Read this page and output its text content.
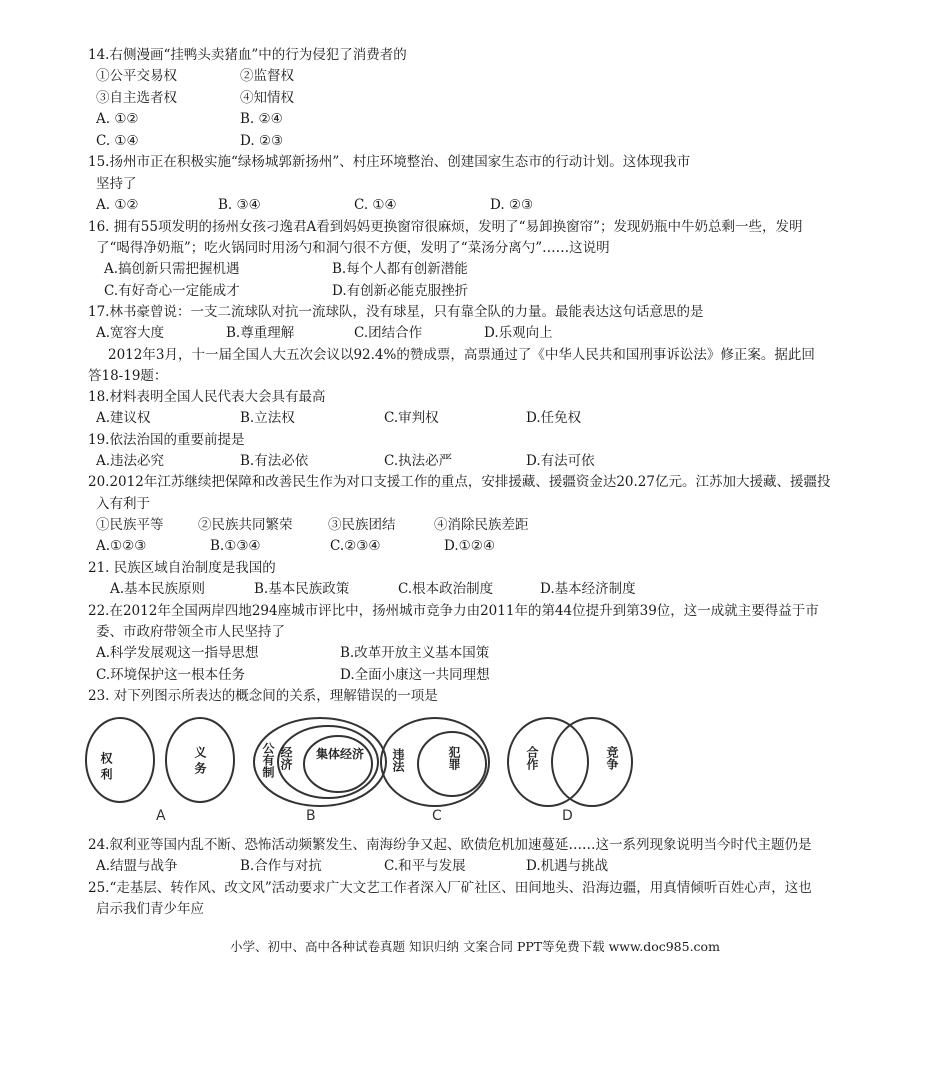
14.右侧漫画“挂鸭头卖猪血”中的行为侵犯了消费者的
①公平交易权	②监督权
③自主选者权	④知情权
A. ①②	B. ②④
C. ①④	D. ②③
15.扬州市正在积极实施“绿杨城郭新扬州”、村庄环境整治、创建国家生态市的行动计划。这体现我市
坚持了
A. ①②	B. ③④	C. ①④	D. ②③
16. 拥有55项发明的扬州女孩刁逸君A看到妈妈更换窗帘很麻烦，发明了“易卸换窗帘”；发现奶瓶中牛奶总剩一些，发明
了“喝得净奶瓶”；吃火锅同时用汤勺和洞勺很不方便，发明了“菜汤分离勺”……这说明
A.搞创新只需把握机遇	B.每个人都有创新潜能
C.有好奇心一定能成才	D.有创新必能克服挫折
17.林书豪曾说：一支二流球队对抗一流球队，没有球星，只有靠全队的力量。最能表达这句话意思的是
A.宽容大度	B.尊重理解	C.团结合作	D.乐观向上
2012年3月，十一届全国人大五次会议以92.4%的赞成票，高票通过了《中华人民共和国刑事诉讼法》修正案。据此回
答18-19题：
18.材料表明全国人民代表大会具有最高
A.建议权	B.立法权	C.审判权	D.任免权
19.依法治国的重要前提是
A.违法必究	B.有法必依	C.执法必严	D.有法可依
20.2012年江苏继续把保障和改善民生作为对口支援工作的重点，安排援藏、援疆资金达20.27亿元。江苏加大援藏、援疆投
入有利于
①民族平等	②民族共同繁荣	③民族团结	④消除民族差距
A.①②③	B.①③④	C.②③④	D.①②④
21. 民族区域自治制度是我国的
A.基本民族原则	B.基本民族政策	C.根本政治制度	D.基本经济制度
22.在2012年全国两岸四地294座城市评比中，扬州城市竞争力由2011年的第44位提升到第39位，这一成就主要得益于市
委、市政府带领全市人民坚持了
A.科学发展观这一指导思想	B.改革开放主义基本国策
C.环境保护这一根本任务	D.全面小康这一共同理想
23. 对下列图示所表达的概念间的关系，理解错误的一项是
权利	义务	公有制 经济 集体经济 违法	犯罪	合作	竞争
A	B	C	D
24.叙利亚等国内乱不断、恐怖活动频繁发生、南海纷争又起、欧债危机加速蔓延……这一系列现象说明当今时代主题仍是
A.结盟与战争	B.合作与对抗	C.和平与发展	D.机遇与挑战
25.“走基层、转作风、改文风”活动要求广大文艺工作者深入厂矿社区、田间地头、沿海边疆，用真情倾听百姓心声，这也
启示我们青少年应
小学、初中、高中各种试卷真题 知识归纳 文案合同 PPT等免费下载 www.doc985.com
